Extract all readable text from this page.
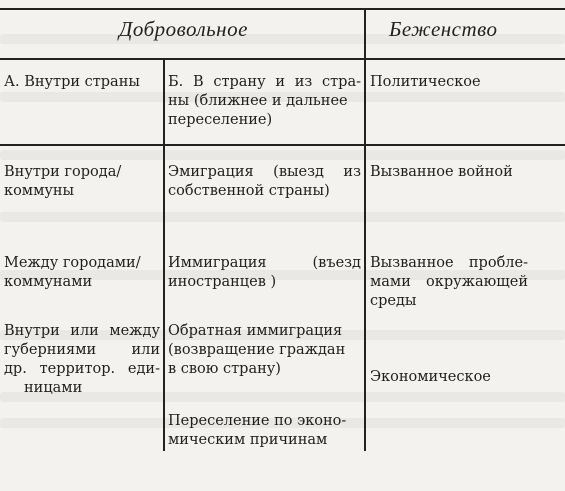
Добровольное	Беженство
А. Внутри страны
Внутри города/
коммуны
Между городами/
коммунами
Внутри или между
губерниями или
др. территор. еди-
ницами
Б. В страну и из стра-
ны (ближнее и дальнее
переселение)
Эмиграция (выезд из
собственной страны)
Иммиграция (въезд
иностранцев )
Обратная иммиграция
(возвращение граждан
в свою страну)
Переселение по эконо-
мическим причинам
Политическое
Вызванное войной
Вызванное пробле-
мами окружающей
среды
Экономическое
